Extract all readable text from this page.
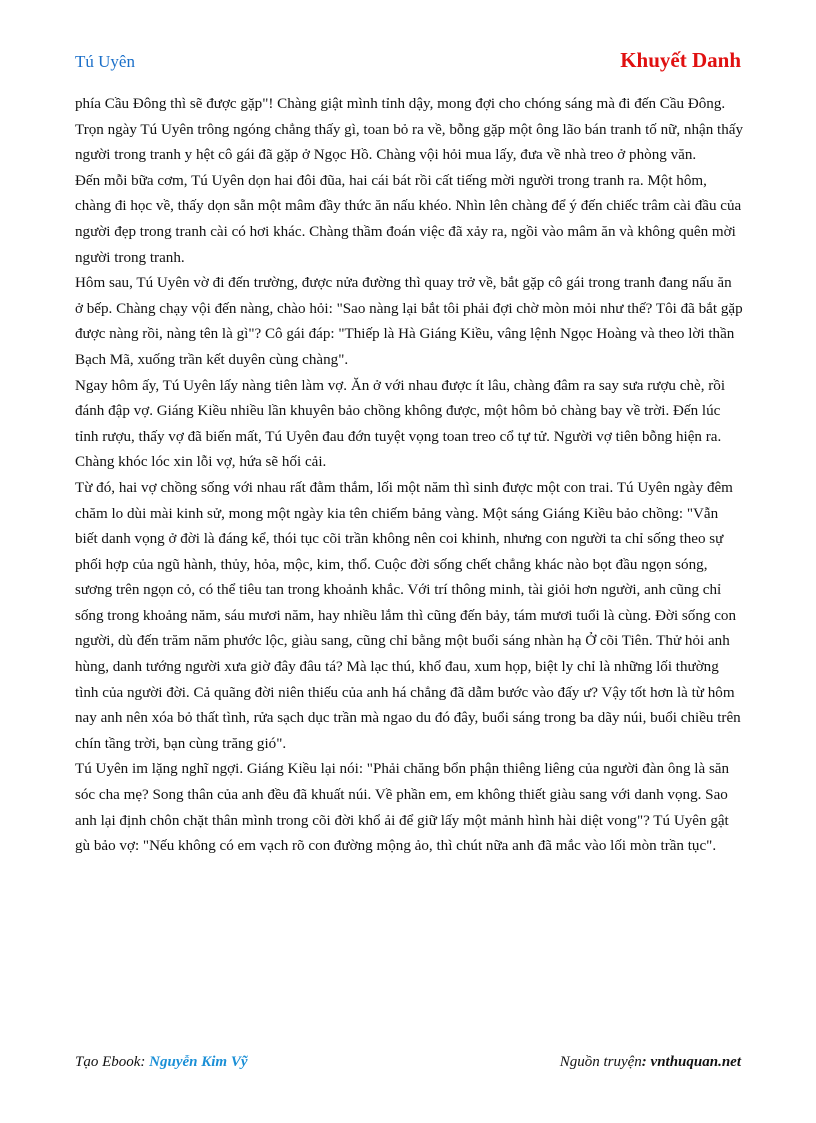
Tú Uyên	Khuyết Danh

phía Cầu Đông thì sẽ được gặp"! Chàng giật mình tỉnh dậy, mong đợi cho chóng sáng mà đi đến Cầu Đông.

Trọn ngày Tú Uyên trông ngóng chẳng thấy gì, toan bỏ ra về, bỗng gặp một ông lão bán tranh tố nữ, nhận thấy người trong tranh y hệt cô gái đã gặp ở Ngọc Hồ. Chàng vội hỏi mua lấy, đưa về nhà treo ở phòng văn.

Đến mỗi bữa cơm, Tú Uyên dọn hai đôi đũa, hai cái bát rồi cất tiếng mời người trong tranh ra. Một hôm, chàng đi học về, thấy dọn sẵn một mâm đầy thức ăn nấu khéo. Nhìn lên chàng để ý đến chiếc trâm cài đầu của người đẹp trong tranh cài có hơi khác. Chàng thầm đoán việc đã xảy ra, ngồi vào mâm ăn và không quên mời người trong tranh.

Hôm sau, Tú Uyên vờ đi đến trường, được nửa đường thì quay trở về, bắt gặp cô gái trong tranh đang nấu ăn ở bếp. Chàng chạy vội đến nàng, chào hỏi: "Sao nàng lại bắt tôi phải đợi chờ mòn mỏi như thế? Tôi đã bắt gặp được nàng rồi, nàng tên là gì"? Cô gái đáp: "Thiếp là Hà Giáng Kiều, vâng lệnh Ngọc Hoàng và theo lời thần Bạch Mã, xuống trần kết duyên cùng chàng".

Ngay hôm ấy, Tú Uyên lấy nàng tiên làm vợ. Ăn ở với nhau được ít lâu, chàng đâm ra say sưa rượu chè, rồi đánh đập vợ. Giáng Kiều nhiều lần khuyên bảo chồng không được, một hôm bỏ chàng bay về trời. Đến lúc tỉnh rượu, thấy vợ đã biến mất, Tú Uyên đau đớn tuyệt vọng toan treo cổ tự tử. Người vợ tiên bỗng hiện ra. Chàng khóc lóc xin lỗi vợ, hứa sẽ hối cải.

Từ đó, hai vợ chồng sống với nhau rất đằm thắm, lối một năm thì sinh được một con trai. Tú Uyên ngày đêm chăm lo dùi mài kinh sử, mong một ngày kia tên chiếm bảng vàng. Một sáng Giáng Kiều bảo chồng: "Vẫn biết danh vọng ở đời là đáng kể, thói tục cõi trần không nên coi khinh, nhưng con người ta chỉ sống theo sự phối hợp của ngũ hành, thủy, hỏa, mộc, kim, thổ. Cuộc đời sống chết chẳng khác nào bọt đầu ngọn sóng, sương trên ngọn cỏ, có thể tiêu tan trong khoảnh khắc. Với trí thông minh, tài giỏi hơn người, anh cũng chỉ sống trong khoảng năm, sáu mươi năm, hay nhiều lắm thì cũng đến bảy, tám mươi tuổi là cùng. Đời sống con người, dù đến trăm năm phước lộc, giàu sang, cũng chỉ bằng một buổi sáng nhàn hạ Ở cõi Tiên. Thử hỏi anh hùng, danh tướng người xưa giờ đây đâu tá? Mà lạc thú, khổ đau, xum họp, biệt ly chỉ là những lối thường tình của người đời. Cả quãng đời niên thiếu của anh há chẳng đã dẫm bước vào đấy ư? Vậy tốt hơn là từ hôm nay anh nên xóa bỏ thất tình, rửa sạch dục trần mà ngao du đó đây, buổi sáng trong ba dãy núi, buổi chiều trên chín tầng trời, bạn cùng trăng gió".

Tú Uyên im lặng nghĩ ngợi. Giáng Kiều lại nói: "Phải chăng bổn phận thiêng liêng của người đàn ông là săn sóc cha mẹ? Song thân của anh đều đã khuất núi. Về phần em, em không thiết giàu sang với danh vọng. Sao anh lại định chôn chặt thân mình trong cõi đời khổ ải để giữ lấy một mảnh hình hài diệt vong"? Tú Uyên gật gù bảo vợ: "Nếu không có em vạch rõ con đường mộng ảo, thì chút nữa anh đã mắc vào lối mòn trần tục".

Tạo Ebook: Nguyễn Kim Vỹ	Nguồn truyện: vnthuquan.net
